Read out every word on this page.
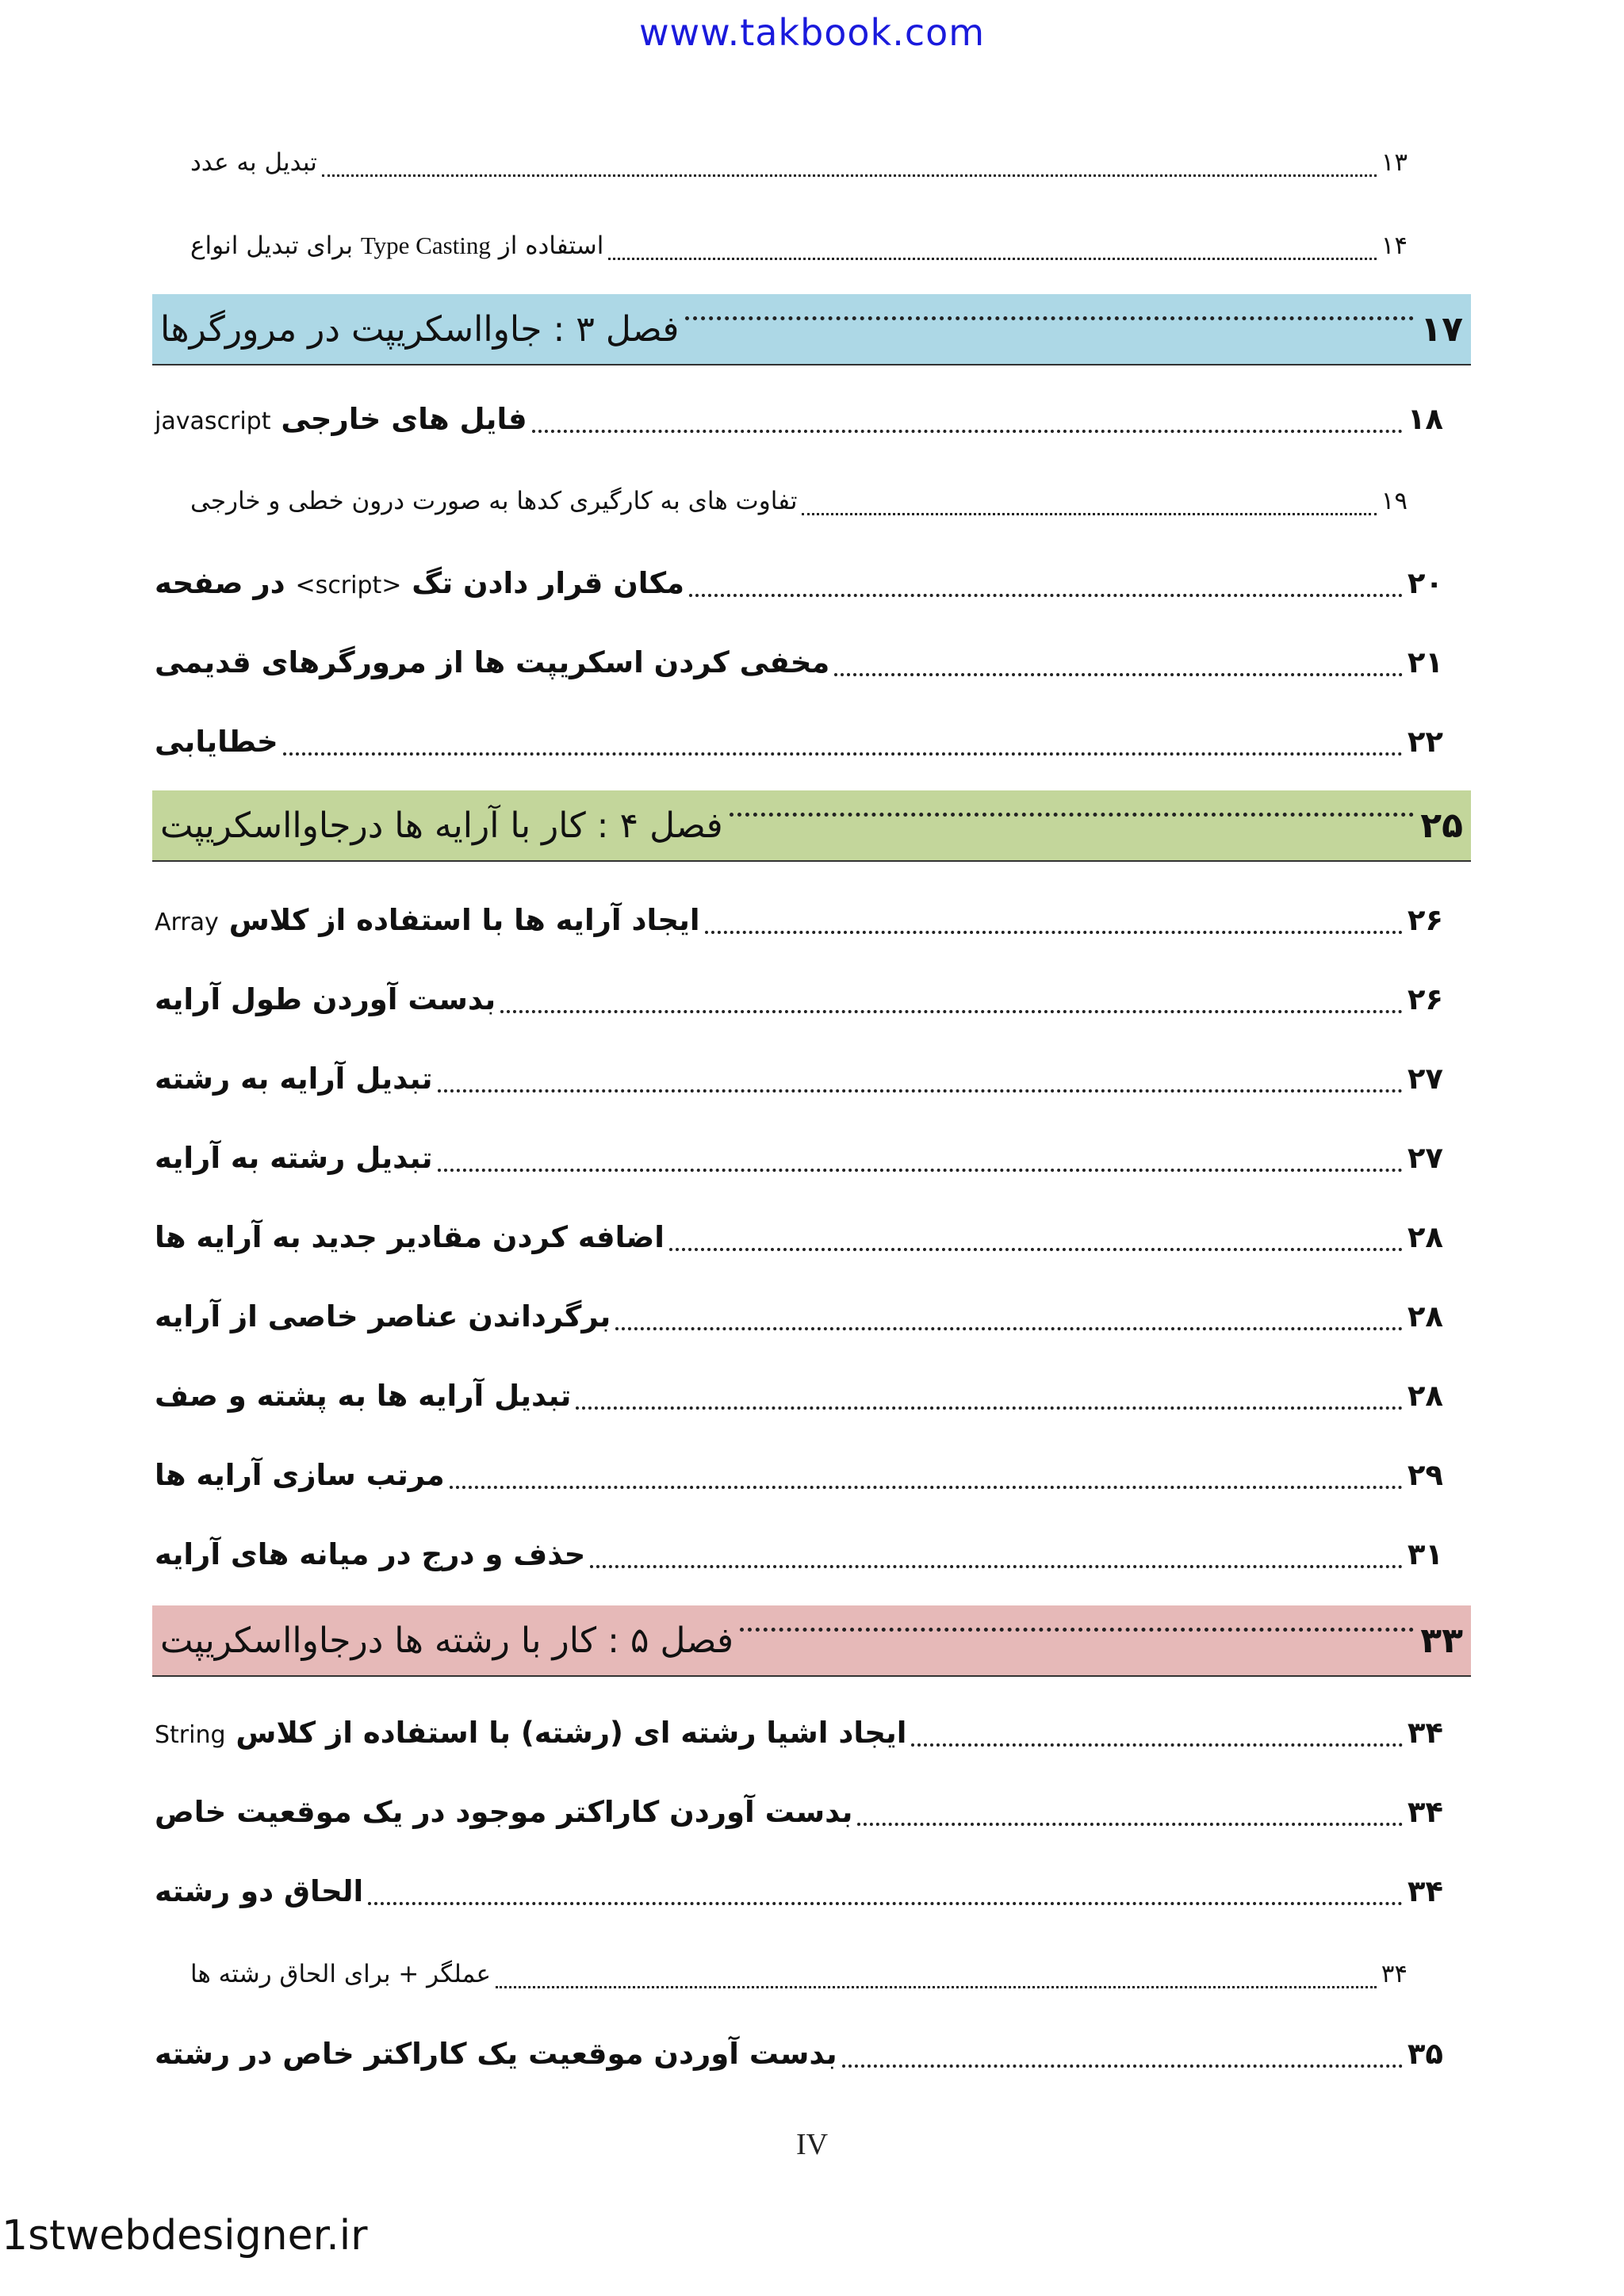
www.takbook.com
تبدیل به عدد	۱۳
استفاده از Type Casting برای تبدیل انواع	۱۴
فصل ۳ : جاوااسکریپت در مرورگرها	۱۷
فایل های خارجی javascript	۱۸
تفاوت های به کارگیری کدها به صورت درون خطی و خارجی	۱۹
مکان قرار دادن تگ <script> در صفحه	۲۰
مخفی کردن اسکریپت ها از مرورگرهای قدیمی	۲۱
خطایابی	۲۲
فصل ۴ : کار با آرایه ها درجاوااسکریپت	۲۵
ایجاد آرایه ها با استفاده از کلاس Array	۲۶
بدست آوردن طول آرایه	۲۶
تبدیل آرایه به رشته	۲۷
تبدیل رشته به آرایه	۲۷
اضافه کردن مقادیر جدید به آرایه ها	۲۸
برگرداندن عناصر خاصی از آرایه	۲۸
تبدیل آرایه ها به پشته و صف	۲۸
مرتب سازی آرایه ها	۲۹
حذف و درج در میانه های آرایه	۳۱
فصل ۵ : کار با رشته ها درجاوااسکریپت	۳۳
ایجاد اشیا رشته ای (رشته) با استفاده از کلاس String	۳۴
بدست آوردن کاراکتر موجود در یک موقعیت خاص	۳۴
الحاق دو رشته	۳۴
عملگر + برای الحاق رشته ها	۳۴
بدست آوردن موقعیت یک کاراکتر خاص در رشته	۳۵
IV
1stwebdesigner.ir
